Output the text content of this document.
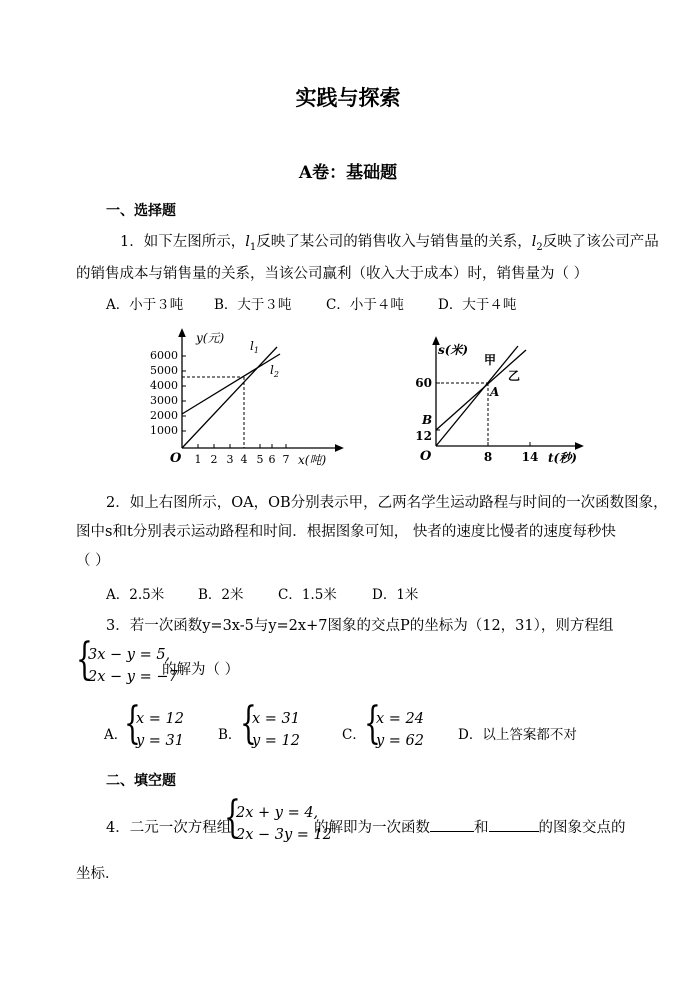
实践与探索
A卷：基础题
一、选择题
1．如下左图所示，$l_1$反映了某公司的销售收入与销售量的关系，$l_2$反映了该公司产品
的销售成本与销售量的关系，当该公司赢利（收入大于成本）时，销售量为（ ）
A．小于３吨 B．大于３吨	C．小于４吨	D．大于４吨
y(元)
x(吨)
O
6000
5000
4000
3000
2000
1000
1 2 3 4 5 6 7
$l_1$
$l_2$
s(米)
t(秒)
O
甲
乙
A
B
60
12
8 14
2．如上右图所示，OA，OB分别表示甲，乙两名学生运动路程与时间的一次函数图象，
图中s和t分别表示运动路程和时间．根据图象可知， 快者的速度比慢者的速度每秒快
（ ）
A．2.5米	B．2米	C．1.5米	D．1米
3．若一次函数y=3x-5与y=2x+7图象的交点P的坐标为（12，31），则方程组
{
3x − y = 5,
2x − y = −7
的解为（ ）
A．
{
x = 12
y = 31	B．
{
x = 31
y = 12	C．
{
x = 24
y = 62	D．以上答案都不对
二、填空题
4．二元一次方程组
{
2x + y = 4,
2x − 3y = 12
的解即为一次函数	和	的图象交点的
坐标．
